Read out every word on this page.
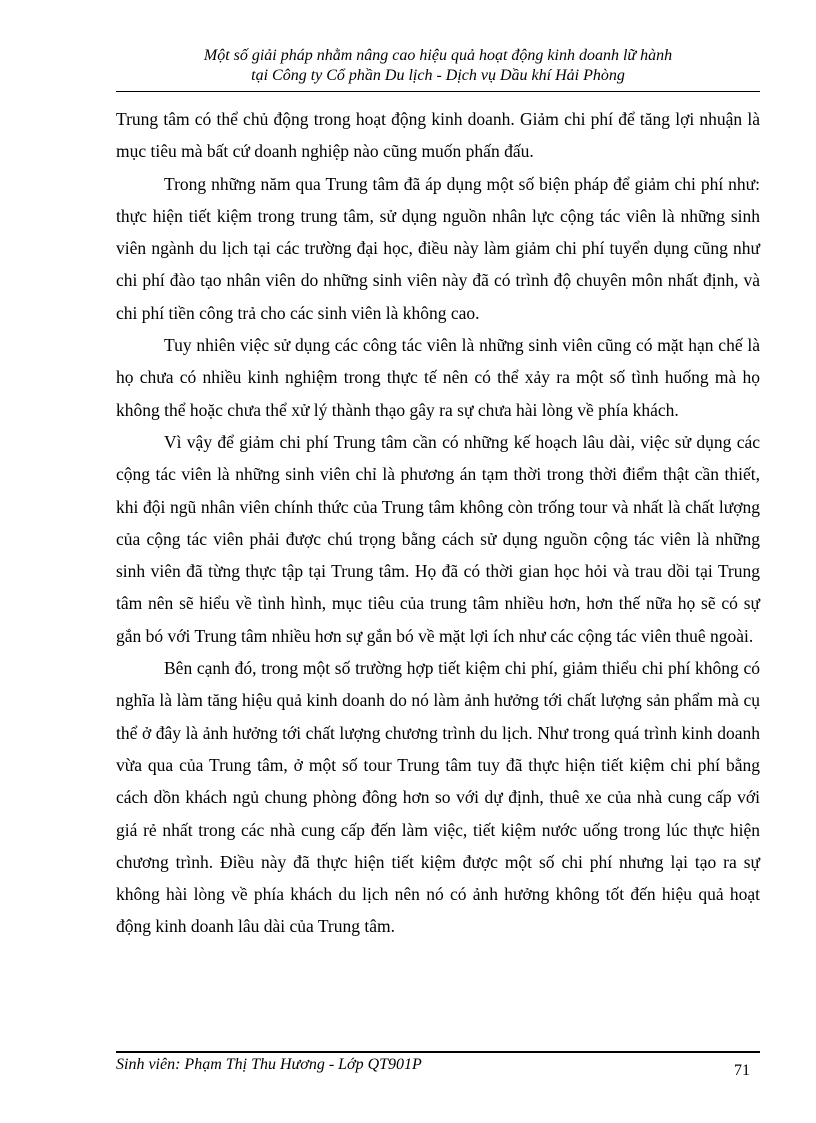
Một số giải pháp nhằm nâng cao hiệu quả hoạt động kinh doanh lữ hành
tại Công ty Cổ phần Du lịch - Dịch vụ Dầu khí Hải Phòng

Trung tâm có thể chủ động trong hoạt động kinh doanh. Giảm chi phí để tăng lợi nhuận là mục tiêu mà bất cứ doanh nghiệp nào cũng muốn phấn đấu.

Trong những năm qua Trung tâm đã áp dụng một số biện pháp để giảm chi phí như: thực hiện tiết kiệm trong trung tâm, sử dụng nguồn nhân lực cộng tác viên là những sinh viên ngành du lịch tại các trường đại học, điều này làm giảm chi phí tuyển dụng cũng như chi phí đào tạo nhân viên do những sinh viên này đã có trình độ chuyên môn nhất định, và chi phí tiền công trả cho các sinh viên là không cao.

Tuy nhiên việc sử dụng các công tác viên là những sinh viên cũng có mặt hạn chế là họ chưa có nhiều kinh nghiệm trong thực tế nên có thể xảy ra một số tình huống mà họ không thể hoặc chưa thể xử lý thành thạo gây ra sự chưa hài lòng về phía khách.

Vì vậy để giảm chi phí Trung tâm cần có những kế hoạch lâu dài, việc sử dụng các cộng tác viên là những sinh viên chỉ là phương án tạm thời trong thời điểm thật cần thiết, khi đội ngũ nhân viên chính thức của Trung tâm không còn trống tour và nhất là chất lượng của cộng tác viên phải được chú trọng bằng cách sử dụng nguồn cộng tác viên là những sinh viên đã từng thực tập tại Trung tâm. Họ đã có thời gian học hỏi và trau dồi tại Trung tâm nên sẽ hiểu về tình hình, mục tiêu của trung tâm nhiều hơn, hơn thế nữa họ sẽ có sự gắn bó với Trung tâm nhiều hơn sự gắn bó về mặt lợi ích như các cộng tác viên thuê ngoài.

Bên cạnh đó, trong một số trường hợp tiết kiệm chi phí, giảm thiểu chi phí không có nghĩa là làm tăng hiệu quả kinh doanh do nó làm ảnh hưởng tới chất lượng sản phẩm mà cụ thể ở đây là ảnh hưởng tới chất lượng chương trình du lịch. Như trong quá trình kinh doanh vừa qua của Trung tâm, ở một số tour Trung tâm tuy đã thực hiện tiết kiệm chi phí bằng cách dồn khách ngủ chung phòng đông hơn so với dự định, thuê xe của nhà cung cấp với giá rẻ nhất trong các nhà cung cấp đến làm việc, tiết kiệm nước uống trong lúc thực hiện chương trình. Điều này đã thực hiện tiết kiệm được một số chi phí nhưng lại tạo ra sự không hài lòng về phía khách du lịch nên nó có ảnh hưởng không tốt đến hiệu quả hoạt động kinh doanh lâu dài của Trung tâm.

Sinh viên: Phạm Thị Thu Hương - Lớp QT901P	71
